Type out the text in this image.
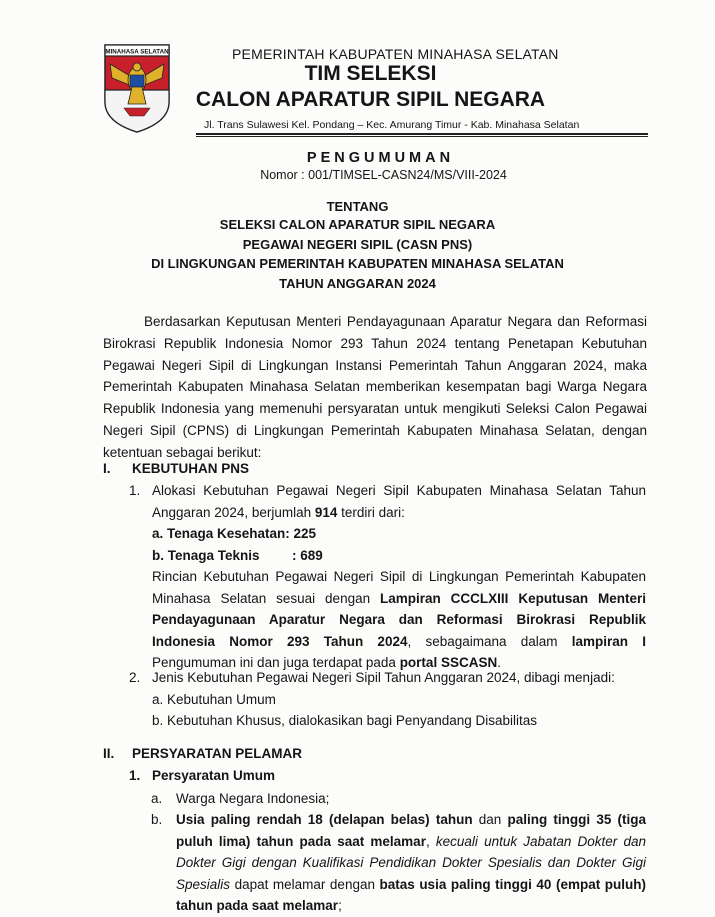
MINAHASA SELATAN	PEMERINTAH KABUPATEN MINAHASA SELATAN
TIM SELEKSI
CALON APARATUR SIPIL NEGARA
Jl. Trans Sulawesi Kel. Pondang – Kec. Amurang Timur - Kab. Minahasa Selatan
PENGUMUMAN
Nomor : 001/TIMSEL-CASN24/MS/VIII-2024
TENTANG
SELEKSI CALON APARATUR SIPIL NEGARA
PEGAWAI NEGERI SIPIL (CASN PNS)
DI LINGKUNGAN PEMERINTAH KABUPATEN MINAHASA SELATAN
TAHUN ANGGARAN 2024
Berdasarkan Keputusan Menteri Pendayagunaan Aparatur Negara dan Reformasi Birokrasi Republik Indonesia Nomor 293 Tahun 2024 tentang Penetapan Kebutuhan Pegawai Negeri Sipil di Lingkungan Instansi Pemerintah Tahun Anggaran 2024, maka Pemerintah Kabupaten Minahasa Selatan memberikan kesempatan bagi Warga Negara Republik Indonesia yang memenuhi persyaratan untuk mengikuti Seleksi Calon Pegawai Negeri Sipil (CPNS) di Lingkungan Pemerintah Kabupaten Minahasa Selatan, dengan ketentuan sebagai berikut:
I. KEBUTUHAN PNS
1. Alokasi Kebutuhan Pegawai Negeri Sipil Kabupaten Minahasa Selatan Tahun Anggaran 2024, berjumlah 914 terdiri dari:
a. Tenaga Kesehatan: 225
b. Tenaga Teknis : 689
Rincian Kebutuhan Pegawai Negeri Sipil di Lingkungan Pemerintah Kabupaten Minahasa Selatan sesuai dengan Lampiran CCCLXIII Keputusan Menteri Pendayagunaan Aparatur Negara dan Reformasi Birokrasi Republik Indonesia Nomor 293 Tahun 2024, sebagaimana dalam lampiran I Pengumuman ini dan juga terdapat pada portal SSCASN.
2. Jenis Kebutuhan Pegawai Negeri Sipil Tahun Anggaran 2024, dibagi menjadi:
a. Kebutuhan Umum
b. Kebutuhan Khusus, dialokasikan bagi Penyandang Disabilitas
II. PERSYARATAN PELAMAR
1. Persyaratan Umum
a. Warga Negara Indonesia;
b. Usia paling rendah 18 (delapan belas) tahun dan paling tinggi 35 (tiga puluh lima) tahun pada saat melamar, kecuali untuk Jabatan Dokter dan Dokter Gigi dengan Kualifikasi Pendidikan Dokter Spesialis dan Dokter Gigi Spesialis dapat melamar dengan batas usia paling tinggi 40 (empat puluh) tahun pada saat melamar;
